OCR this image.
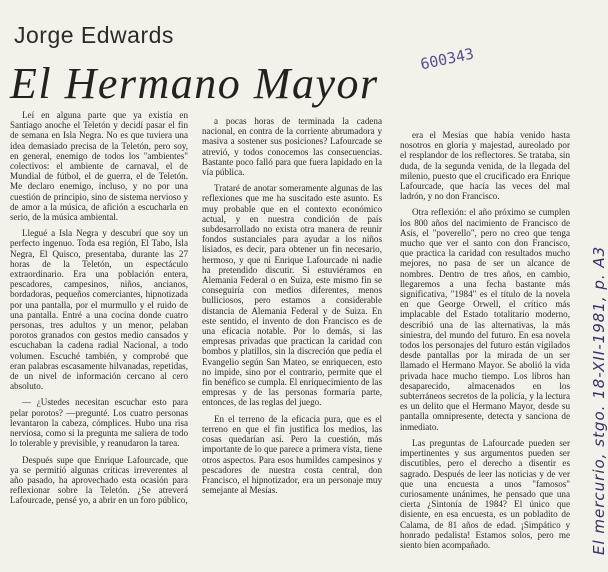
Jorge Edwards
El Hermano Mayor	600343

Leí en alguna parte que ya existía en Santiago anoche el Teletón y decidí pasar el fin de semana en Isla Negra. No es que tuviera una idea demasiado precisa de la Teletón, pero soy, en general, enemigo de todos los "ambientes" colectivos: el ambiente de carnaval, el de Mundial de fútbol, el de guerra, el de Teletón. Me declaro enemigo, incluso, y no por una cuestión de principio, sino de sistema nervioso y de amor a la música, de afición a escucharla en serio, de la música ambiental.

Llegué a Isla Negra y descubrí que soy un perfecto ingenuo. Toda esa región, El Tabo, Isla Negra, El Quisco, presentaba, durante las 27 horas de la Teletón, un espectáculo extraordinario. Era una población entera, pescadores, campesinos, niños, ancianos, bordadoras, pequeños comerciantes, hipnotizada por una pantalla, por el murmullo y el ruido de una pantalla. Entré a una cocina donde cuatro personas, tres adultos y un menor, pelaban porotos granados con gestos medio cansados y escuchaban la cadena radial Nacional, a todo volumen. Escuché también, y comprobé que eran palabras escasamente hilvanadas, repetidas, de un nivel de información cercano al cero absoluto.

— ¿Ustedes necesitan escuchar esto para pelar porotos? —pregunté. Los cuatro personas levantaron la cabeza, cómplices. Hubo una risa nerviosa, como si la pregunta me saliera de todo lo tolerable y previsible, y reanudaron la tarea.

Después supe que Enrique Lafourcade, que ya se permitió algunas críticas irreverentes al año pasado, ha aprovechado esta ocasión para reflexionar sobre la Teletón. ¿Se atreverá Lafourcade, pensé yo, a abrir en un foro público,

a pocas horas de terminada la cadena nacional, en contra de la corriente abrumadora y masiva a sostener sus posiciones? Lafourcade se atrevió, y todos conocemos las consecuencias. Bastante poco falló para que fuera lapidado en la vía pública.

Trataré de anotar someramente algunas de las reflexiones que me ha suscitado este asunto. Es muy probable que en el contexto económico actual, y en nuestra condición de país subdesarrollado no exista otra manera de reunir fondos sustanciales para ayudar a los niños lisiados, es decir, para obtener un fin necesario, hermoso, y que ni Enrique Lafourcade ni nadie ha pretendido discutir. Si estuviéramos en Alemania Federal o en Suiza, este mismo fin se conseguiría con medios diferentes, menos bulliciosos, pero estamos a considerable distancia de Alemania Federal y de Suiza. En este sentido, el invento de don Francisco es de una eficacia notable. Por lo demás, si las empresas privadas que practican la caridad con bombos y platillos, sin la discreción que pedía el Evangelio según San Mateo, se enriquecen, esto no impide, sino por el contrario, permite que el fin benéfico se cumpla. El enriquecimiento de las empresas y de las personas formaría parte, entonces, de las reglas del juego.

En el terreno de la eficacia pura, que es el terreno en que el fin justifica los medios, las cosas quedarían así. Pero la cuestión, más importante de lo que parece a primera vista, tiene otros aspectos. Para esos humildes campesinos y pescadores de nuestra costa central, don Francisco, el hipnotizador, era un personaje muy semejante al Mesías.

era el Mesías que había venido hasta nosotros en gloria y majestad, aureolado por el resplandor de los reflectores. Se trataba, sin duda, de la segunda venida, de la llegada del milenio, puesto que el crucificado era Enrique Lafourcade, que hacía las veces del mal ladrón, y no don Francisco.

Otra reflexión: el año próximo se cumplen los 800 años del nacimiento de Francisco de Asís, el "poverello", pero no creo que tenga mucho que ver el santo con don Francisco, que practica la caridad con resultados mucho mejores, no pasa de ser un alcance de nombres. Dentro de tres años, en cambio, llegaremos a una fecha bastante más significativa, "1984" es el título de la novela en que George Orwell, el crítico más implacable del Estado totalitario moderno, describió una de las alternativas, la más siniestra, del mundo del futuro. En esa novela todos los personajes del futuro están vigilados desde pantallas por la mirada de un ser llamado el Hermano Mayor. Se abolió la vida privada hace mucho tiempo. Los libros han desaparecido, almacenados en los subterráneos secretos de la policía, y la lectura es un delito que el Hermano Mayor, desde su pantalla omnipresente, detecta y sanciona de inmediato.

Las preguntas de Lafourcade pueden ser impertinentes y sus argumentos pueden ser discutibles, pero el derecho a disentir es sagrado. Después de leer las noticias y de ver que una encuesta a unos "famosos" curiosamente unánimes, he pensado que una cierta ¿Sintonía de 1984? El único que disiente, en esa encuesta, es un pobladito de Calama, de 81 años de edad. ¡Simpático y honrado pedalista! Estamos solos, pero me siento bien acompañado.	El mercurio, stgo. 18-XII-1981, p. A3
